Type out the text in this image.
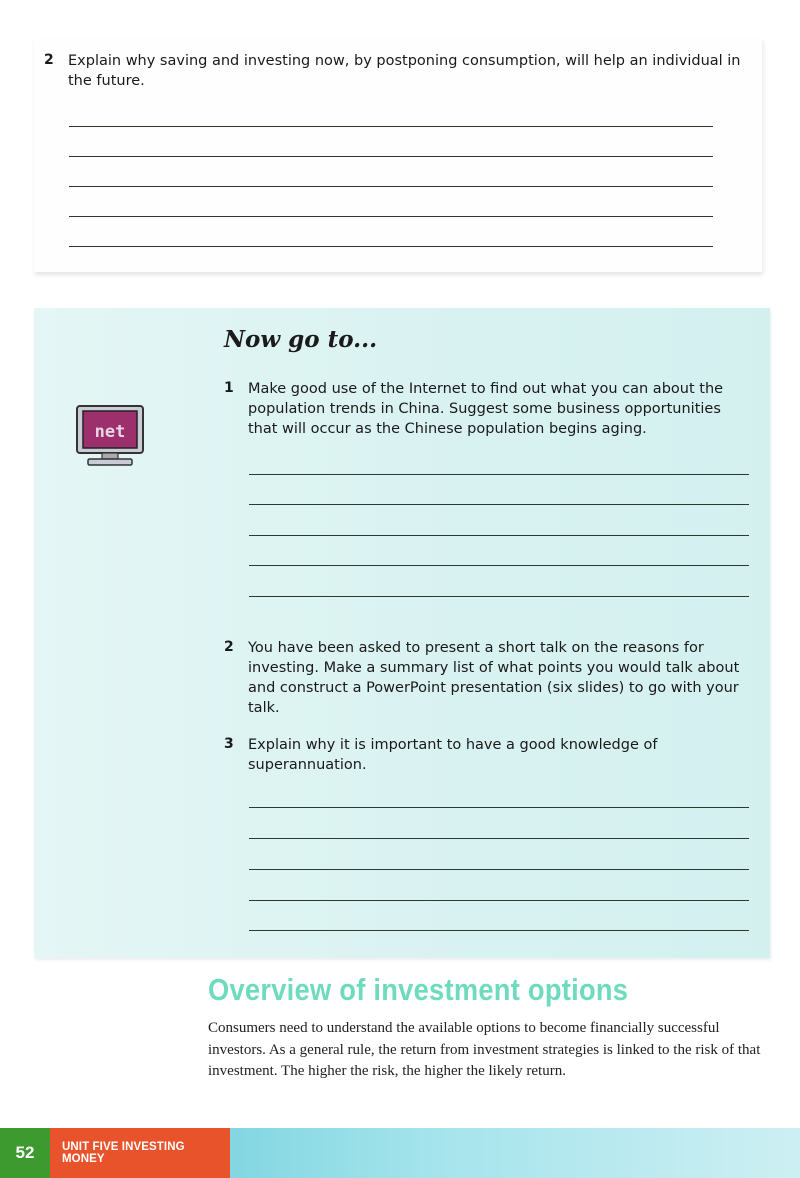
2 Explain why saving and investing now, by postponing consumption, will help an individual in the future.
Now go to...
net
1 Make good use of the Internet to find out what you can about the population trends in China. Suggest some business opportunities that will occur as the Chinese population begins aging.
2 You have been asked to present a short talk on the reasons for investing. Make a summary list of what points you would talk about and construct a PowerPoint presentation (six slides) to go with your talk.
3 Explain why it is important to have a good knowledge of superannuation.
Overview of investment options
Consumers need to understand the available options to become financially successful investors. As a general rule, the return from investment strategies is linked to the risk of that investment. The higher the risk, the higher the likely return.
52	UNIT FIVE INVESTING MONEY
